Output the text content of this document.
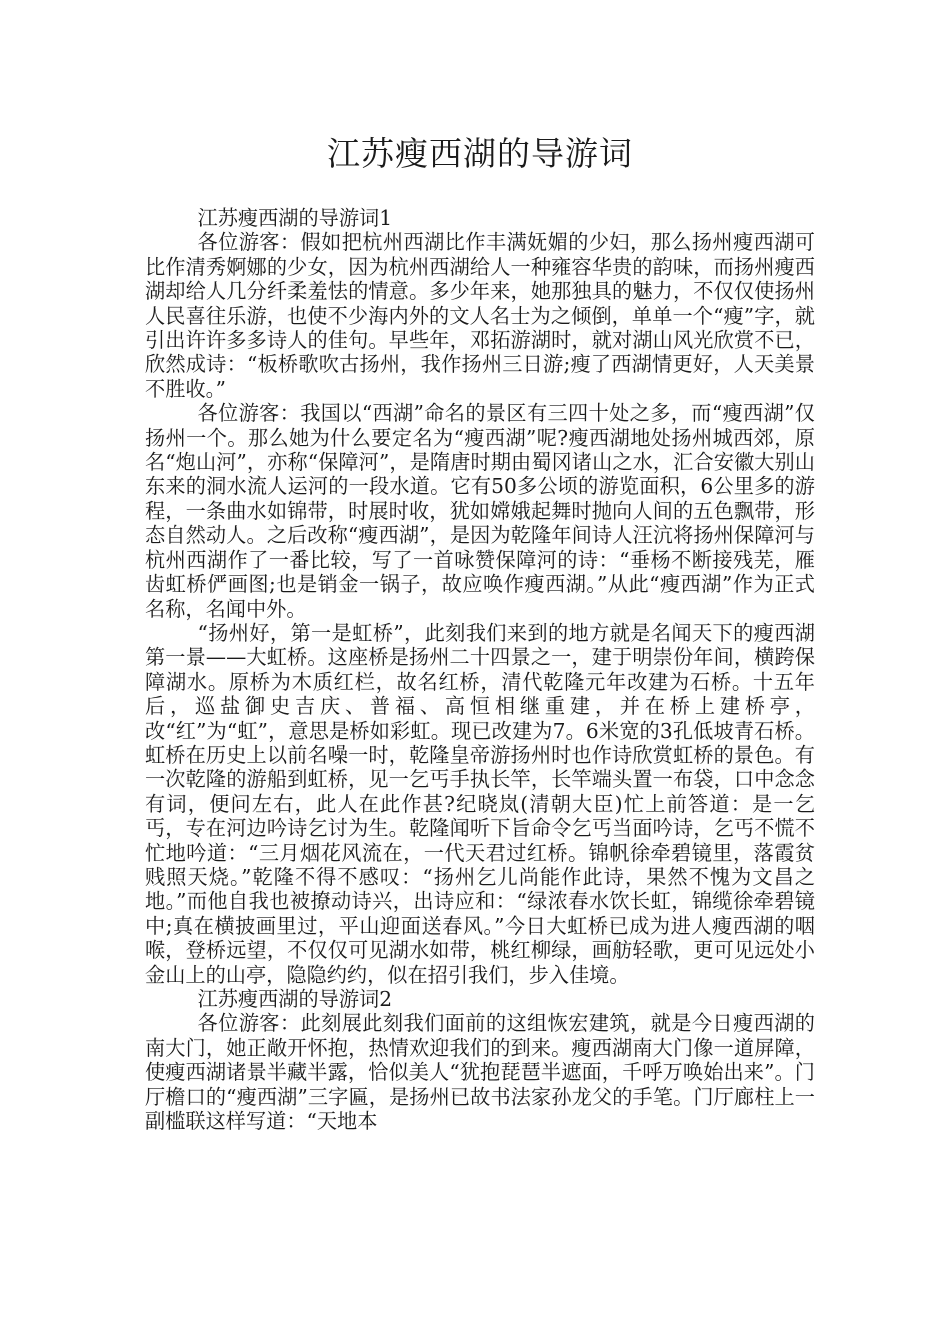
江苏瘦西湖的导游词
江苏瘦西湖的导游词1
各位游客：假如把杭州西湖比作丰满妩媚的少妇，那么扬州瘦西湖可比作清秀婀娜的少女，因为杭州西湖给人一种雍容华贵的韵味，而扬州瘦西湖却给人几分纤柔羞怯的情意。多少年来，她那独具的魅力，不仅仅使扬州人民喜往乐游，也使不少海内外的文人名士为之倾倒，单单一个“瘦”字，就引出许许多多诗人的佳句。早些年，邓拓游湖时，就对湖山风光欣赏不已，欣然成诗：“板桥歌吹古扬州，我作扬州三日游;瘦了西湖情更好，人天美景不胜收。”
各位游客：我国以“西湖”命名的景区有三四十处之多，而“瘦西湖”仅扬州一个。那么她为什么要定名为“瘦西湖”呢?瘦西湖地处扬州城西郊，原名“炮山河”，亦称“保障河”，是隋唐时期由蜀冈诸山之水，汇合安徽大别山东来的洞水流人运河的一段水道。它有50多公顷的游览面积，6公里多的游程，一条曲水如锦带，时展时收，犹如嫦娥起舞时抛向人间的五色飘带，形态自然动人。之后改称“瘦西湖”，是因为乾隆年间诗人汪沆将扬州保障河与杭州西湖作了一番比较，写了一首咏赞保障河的诗：“垂杨不断接残芜，雁齿虹桥俨画图;也是销金一锅子，故应唤作瘦西湖。”从此“瘦西湖”作为正式名称，名闻中外。
“扬州好，第一是虹桥”，此刻我们来到的地方就是名闻天下的瘦西湖第一景——大虹桥。这座桥是扬州二十四景之一，建于明崇份年间，横跨保障湖水。原桥为木质红栏，故名红桥，清代乾隆元年改建为石桥。十五年后，巡盐御史吉庆、普福、高恒相继重建，并在桥上建桥亭，改“红”为“虹”，意思是桥如彩虹。现已改建为7。6米宽的3孔低坡青石桥。虹桥在历史上以前名噪一时，乾隆皇帝游扬州时也作诗欣赏虹桥的景色。有一次乾隆的游船到虹桥，见一乞丐手执长竿，长竿端头置一布袋，口中念念有词，便问左右，此人在此作甚?纪晓岚(清朝大臣)忙上前答道：是一乞丐，专在河边吟诗乞讨为生。乾隆闻听下旨命令乞丐当面吟诗，乞丐不慌不忙地吟道：“三月烟花风流在，一代天君过红桥。锦帆徐牵碧镜里，落霞贫贱照天烧。”乾隆不得不感叹：“扬州乞儿尚能作此诗，果然不愧为文昌之地。”而他自我也被撩动诗兴，出诗应和：“绿浓春水饮长虹，锦缆徐牵碧镜中;真在横披画里过，平山迎面送春风。”今日大虹桥已成为进人瘦西湖的咽喉，登桥远望，不仅仅可见湖水如带，桃红柳绿，画舫轻歌，更可见远处小金山上的山亭，隐隐约约，似在招引我们，步入佳境。
江苏瘦西湖的导游词2
各位游客：此刻展此刻我们面前的这组恢宏建筑，就是今日瘦西湖的南大门，她正敞开怀抱，热情欢迎我们的到来。瘦西湖南大门像一道屏障，使瘦西湖诸景半藏半露，恰似美人“犹抱琵琶半遮面，千呼万唤始出来”。门厅檐口的“瘦西湖”三字匾，是扬州已故书法家孙龙父的手笔。门厅廊柱上一副槛联这样写道：“天地本
